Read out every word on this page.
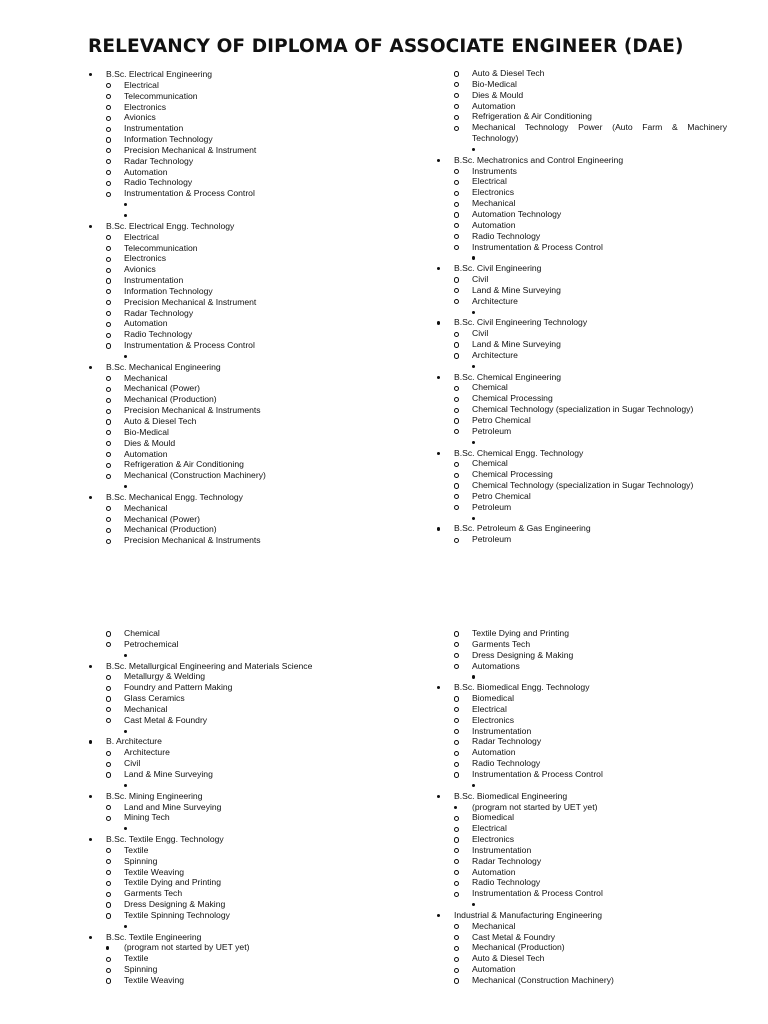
RELEVANCY OF DIPLOMA OF ASSOCIATE ENGINEER (DAE)
B.Sc. Electrical Engineering
Electrical
Telecommunication
Electronics
Avionics
Instrumentation
Information Technology
Precision Mechanical & Instrument
Radar Technology
Automation
Radio Technology
Instrumentation & Process Control
B.Sc. Electrical Engg. Technology
Electrical
Telecommunication
Electronics
Avionics
Instrumentation
Information Technology
Precision Mechanical & Instrument
Radar Technology
Automation
Radio Technology
Instrumentation & Process Control
B.Sc. Mechanical Engineering
Mechanical
Mechanical (Power)
Mechanical (Production)
Precision Mechanical & Instruments
Auto & Diesel Tech
Bio-Medical
Dies & Mould
Automation
Refrigeration & Air Conditioning
Mechanical (Construction Machinery)
B.Sc. Mechanical Engg. Technology
Mechanical
Mechanical (Power)
Mechanical (Production)
Precision Mechanical & Instruments
Auto & Diesel Tech
Bio-Medical
Dies & Mould
Automation
Refrigeration & Air Conditioning
Mechanical Technology Power (Auto Farm & Machinery Technology)
B.Sc. Mechatronics and Control Engineering
Instruments
Electrical
Electronics
Mechanical
Automation Technology
Automation
Radio Technology
Instrumentation & Process Control
B.Sc. Civil Engineering
Civil
Land & Mine Surveying
Architecture
B.Sc. Civil Engineering Technology
Civil
Land & Mine Surveying
Architecture
B.Sc. Chemical Engineering
Chemical
Chemical Processing
Chemical Technology (specialization in Sugar Technology)
Petro Chemical
Petroleum
B.Sc. Chemical Engg. Technology
Chemical
Chemical Processing
Chemical Technology (specialization in Sugar Technology)
Petro Chemical
Petroleum
B.Sc. Petroleum & Gas Engineering
Petroleum
Chemical
Petrochemical
B.Sc. Metallurgical Engineering and Materials Science
Metallurgy & Welding
Foundry and Pattern Making
Glass Ceramics
Mechanical
Cast Metal & Foundry
B. Architecture
Architecture
Civil
Land & Mine Surveying
B.Sc. Mining Engineering
Land and Mine Surveying
Mining Tech
B.Sc. Textile Engg. Technology
Textile
Spinning
Textile Weaving
Textile Dying and Printing
Garments Tech
Dress Designing & Making
Textile Spinning Technology
B.Sc. Textile Engineering
(program not started by UET yet)
Textile
Spinning
Textile Weaving
Textile Dying and Printing
Garments Tech
Dress Designing & Making
Automations
B.Sc. Biomedical Engg. Technology
Biomedical
Electrical
Electronics
Instrumentation
Radar Technology
Automation
Radio Technology
Instrumentation & Process Control
B.Sc. Biomedical Engineering
(program not started by UET yet)
Biomedical
Electrical
Electronics
Instrumentation
Radar Technology
Automation
Radio Technology
Instrumentation & Process Control
Industrial & Manufacturing Engineering
Mechanical
Cast Metal & Foundry
Mechanical (Production)
Auto & Diesel Tech
Automation
Mechanical (Construction Machinery)
